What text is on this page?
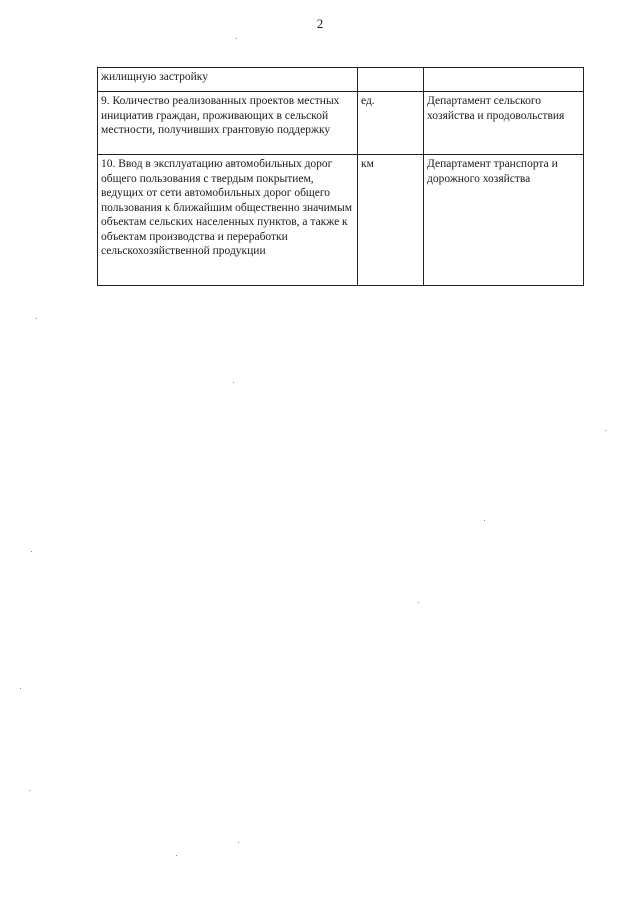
2
жилищную застройку		
9. Количество реализованных проектов местных инициатив граждан, проживающих в сельской местности, получивших грантовую поддержку	ед.	Департамент сельского хозяйства и продовольствия
10. Ввод в эксплуатацию автомобильных дорог общего пользования с твердым покрытием, ведущих от сети автомобильных дорог общего пользования к ближайшим общественно значимым объектам сельских населенных пунктов, а также к объектам производства и переработки сельскохозяйственной продукции	км	Департамент транспорта и дорожного хозяйства
